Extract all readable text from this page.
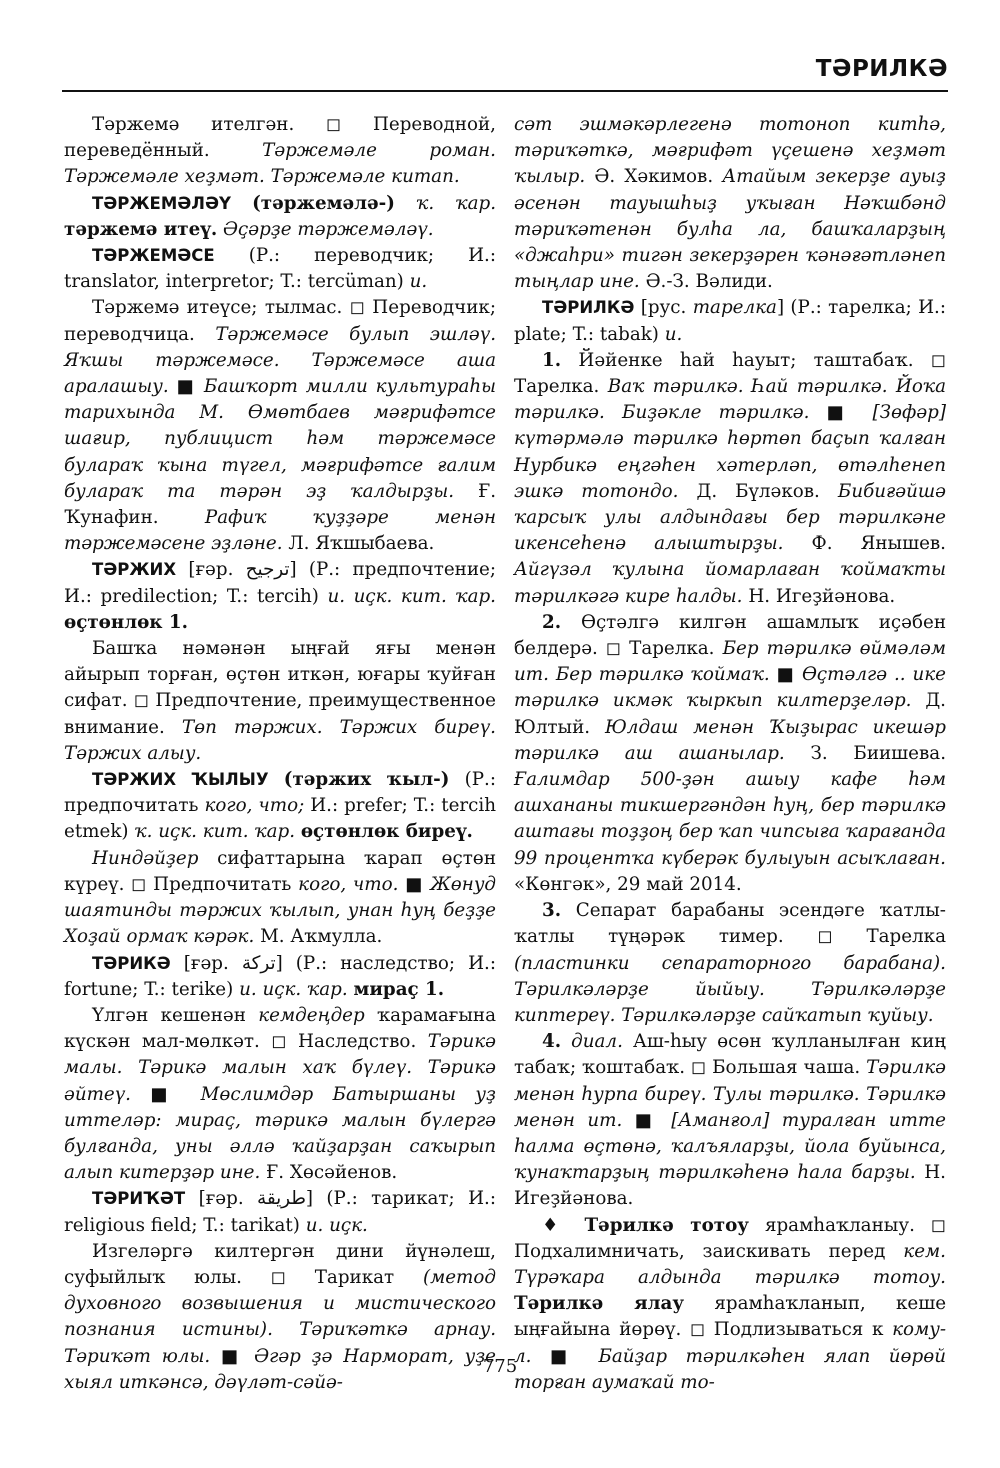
ТӘРИЛКӘ

Тәржемә ителгән. ◻ Переводной, переведённый.	Тәржемәле роман. Тәржемәле хеҙмәт. Тәржемәле китап.

ТӘРЖЕМӘЛӘҮ (тәржемәлә-) ҡ. ҡар. тәржемә итеү. Әҫәрҙе тәржемәләү.

ТӘРЖЕМӘСЕ (Р.: переводчик; И.: translator, interpretor; T.: tercüman) и.

Тәржемә итеүсе; тылмас. ◻ Переводчик; переводчица. Тәржемәсе булып эшләү. Яҡшы тәржемәсе. Тәржемәсе аша аралашыу. ■ Башҡорт милли культураһы тарихында М. Өмөтбаев мәғрифәтсе шағир, публицист һәм тәржемәсе булараҡ ҡына түгел, мәғрифәтсе ғалим булараҡ та тәрән эҙ ҡалдырҙы. Ғ. Ҡунафин.	Рафиҡ ҡуҙҙәре менән тәржемәсене эҙләне. Л. Яҡшыбаева.

ТӘРЖИХ [ғәр. ترجيح] (Р.: предпочтение; И.: predilection; T.: tercih) и. иҫк. кит. ҡар. өҫтөнлөк 1.

Башҡа нәмәнән ыңғай яғы менән айырып торған, өҫтөн иткән, юғары ҡуйған сифат. ◻ Предпочтение, преимущественное внимание. Төп тәржих. Тәржих биреү. Тәржих алыу.

ТӘРЖИХ ҠЫЛЫУ (тәржих ҡыл-) (Р.: предпочитать кого, что; И.: prefer; T.: tercih etmek) ҡ. иҫк. кит. ҡар. өҫтөнлөк биреү.

Ниндәйҙер сифаттарына ҡарап өҫтөн күреү. ◻ Предпочитать кого, что. ■ Жөнуд шаятинды тәржих ҡылып, унан һуң беҙҙе Хоҙай ормаҡ кәрәк. М. Аҡмулла.

ТӘРИКӘ [ғәр. تركة] (Р.: наследство; И.: fortune; T.: terike) и. иҫк. ҡар. мираҫ 1.

Үлгән кешенән кемдеңдер ҡарамағына күскән мал-мөлкәт. ◻ Наследство. Тәрикә малы. Тәрикә малын хаҡ бүлеү. Тәрикә әйтеү. ■ Мөслимдәр Батыршаны уҙ иттеләр: мираҫ, тәрикә малын бүлергә булғанда, уны әллә ҡайҙарҙан саҡырып алып китерҙәр ине. Ғ. Хөсәйенов.

ТӘРИҠӘТ [ғәр. طريقة] (Р.: тарикат; И.: religious field; T.: tarikat) и. иҫк.

Изгеләргә килтергән дини йүнәлеш, суфыйлыҡ юлы. ◻ Тарикат (метод духовного возвышения и мистического познания истины). Тәриҡәткә арнау. Тәриҡәт юлы. ■ Әгәр ҙә Нарморат, уҙе хыял иткәнсә, дәүләт-сәйә-

сәт эшмәкәрлегенә тотоноп китһә, тәриҡәткә, мәғрифәт үҫешенә хеҙмәт ҡылыр. Ә. Хәкимов. Атайым зекерҙе ауыҙ әсенән тауышһыҙ уҡыған Нәҡшбәнд тәриҡәтенән булһа ла, башҡаларҙың «джаһри» тигән зекерҙәрен ҡәнәғәтләнеп тыңлар ине. Ә.-З. Вәлиди.

ТӘРИЛКӘ [рус. тарелка] (Р.: тарелка; И.: plate; T.: tabak) и.

1. Йәйенке һай һауыт; таштабаҡ. ◻ Тарелка. Ваҡ тәрилкә. Һай тәрилкә. Йоҡа тәрилкә. Биҙәкле тәрилкә. ■ [Зөфәр] күтәрмәлә тәрилкә һөртөп баҫып ҡалған Нурбикә еңгәһен хәтерләп, өтәлһенеп эшкә тотондо. Д. Бүләков. Бибиғәйшә ҡарсыҡ улы алдындағы бер тәрилкәне икенсеһенә алыштырҙы. Ф. Янышев. Айгүзәл ҡулына йомарлаған ҡоймаҡты тәрилкәгә кире һалды. Н. Игеҙйәнова.

2. Өҫтәлгә килгән ашамлыҡ иҫәбен белдерә. ◻ Тарелка. Бер тәрилкә өймәләм ит. Бер тәрилкә ҡоймаҡ. ■ Өҫтәлгә .. ике тәрилкә икмәк ҡыркып килтерҙеләр. Д. Юлтый. Юлдаш менән Ҡыҙырас икешәр тәрилкә аш ашанылар. З. Биишева. Ғалимдар 500-ҙән ашыу кафе һәм ашхананы тикшергәндән һуң, бер тәрилкә аштағы тоҙҙоң бер ҡап чипсыға ҡарағанда 99 процентҡа күберәк булыуын асыҡлаған. «Көнгәк», 29 май 2014.

3. Сепарат барабаны эсендәге ҡатлы-ҡатлы түңәрәк тимер. ◻ Тарелка (пластинки сепараторного барабана). Тәрилкәләрҙе йыйыу. Тәрилкәләрҙе киптереү. Тәрилкәләрҙе сайҡатып ҡуйыу.

4. диал. Аш-һыу өсөн ҡулланылған киң табаҡ; ҡоштабаҡ. ◻ Большая чаша. Тәрилкә менән һурпа биреү. Тулы тәрилкә. Тәрилкә менән ит. ■ [Аманғол] туралған итте һалма өҫтөнә, ҡалъяларҙы, йола буйынса, ҡунаҡтарҙың тәрилкәһенә һала барҙы. Н. Игеҙйәнова.

♦ Тәрилкә тотоу ярамһаҡланыу. ◻ Подхалимничать, заискивать перед кем. Түрәҡара алдында тәрилкә тотоу. Тәрилкә ялау ярамһаҡланып, кеше ыңғайына йөрөү. ◻ Подлизываться к кому-л. ■ Байҙар тәрилкәһен ялап йөрөй торған аумаҡай то-

775
